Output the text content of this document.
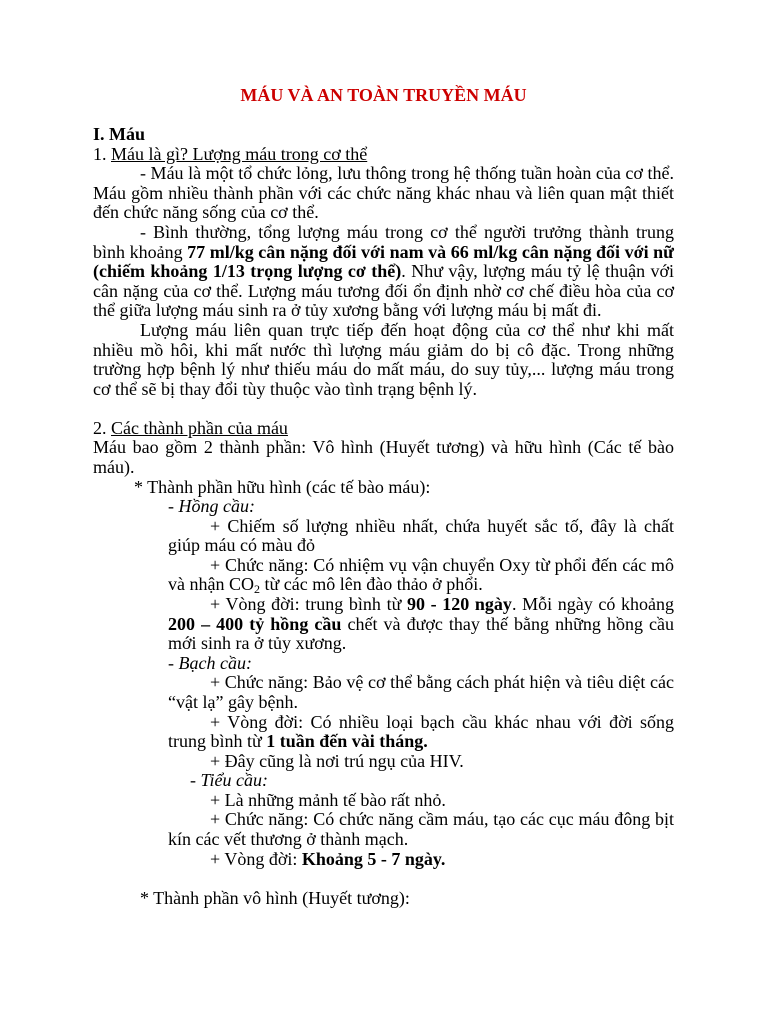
MÁU VÀ AN TOÀN TRUYỀN MÁU
I. Máu
1. Máu là gì? Lượng máu trong cơ thể
- Máu là một tổ chức lỏng, lưu thông trong hệ thống tuần hoàn của cơ thể.
Máu gồm nhiều thành phần với các chức năng khác nhau và liên quan mật thiết
đến chức năng sống của cơ thể.
- Bình thường, tổng lượng máu trong cơ thể người trưởng thành trung
bình khoảng 77 ml/kg cân nặng đối với nam và 66 ml/kg cân nặng đối với nữ
(chiếm khoảng 1/13 trọng lượng cơ thể). Như vậy, lượng máu tỷ lệ thuận với
cân nặng của cơ thể. Lượng máu tương đối ổn định nhờ cơ chế điều hòa của cơ
thể giữa lượng máu sinh ra ở tủy xương bằng với lượng máu bị mất đi.
Lượng máu liên quan trực tiếp đến hoạt động của cơ thể như khi mất
nhiều mồ hôi, khi mất nước thì lượng máu giảm do bị cô đặc. Trong những
trường hợp bệnh lý như thiếu máu do mất máu, do suy tủy,... lượng máu trong
cơ thể sẽ bị thay đổi tùy thuộc vào tình trạng bệnh lý.
2. Các thành phần của máu
Máu bao gồm 2 thành phần: Vô hình (Huyết tương) và hữu hình (Các tế bào
máu).
* Thành phần hữu hình (các tế bào máu):
- Hồng cầu:
+ Chiếm số lượng nhiều nhất, chứa huyết sắc tố, đây là chất
giúp máu có màu đỏ
+ Chức năng: Có nhiệm vụ vận chuyển Oxy từ phổi đến các mô
và nhận $CO_2$ từ các mô lên đào thảo ở phổi.
+ Vòng đời: trung bình từ 90 - 120 ngày. Mỗi ngày có khoảng
200 – 400 tỷ hồng cầu chết và được thay thế bằng những hồng cầu
mới sinh ra ở tủy xương.
- Bạch cầu:
+ Chức năng: Bảo vệ cơ thể bằng cách phát hiện và tiêu diệt các
“vật lạ” gây bệnh.
+ Vòng đời: Có nhiều loại bạch cầu khác nhau với đời sống
trung bình từ 1 tuần đến vài tháng.
+ Đây cũng là nơi trú ngụ của HIV.
- Tiểu cầu:
+ Là những mảnh tế bào rất nhỏ.
+ Chức năng: Có chức năng cầm máu, tạo các cục máu đông bịt
kín các vết thương ở thành mạch.
+ Vòng đời: Khoảng 5 - 7 ngày.
* Thành phần vô hình (Huyết tương):
